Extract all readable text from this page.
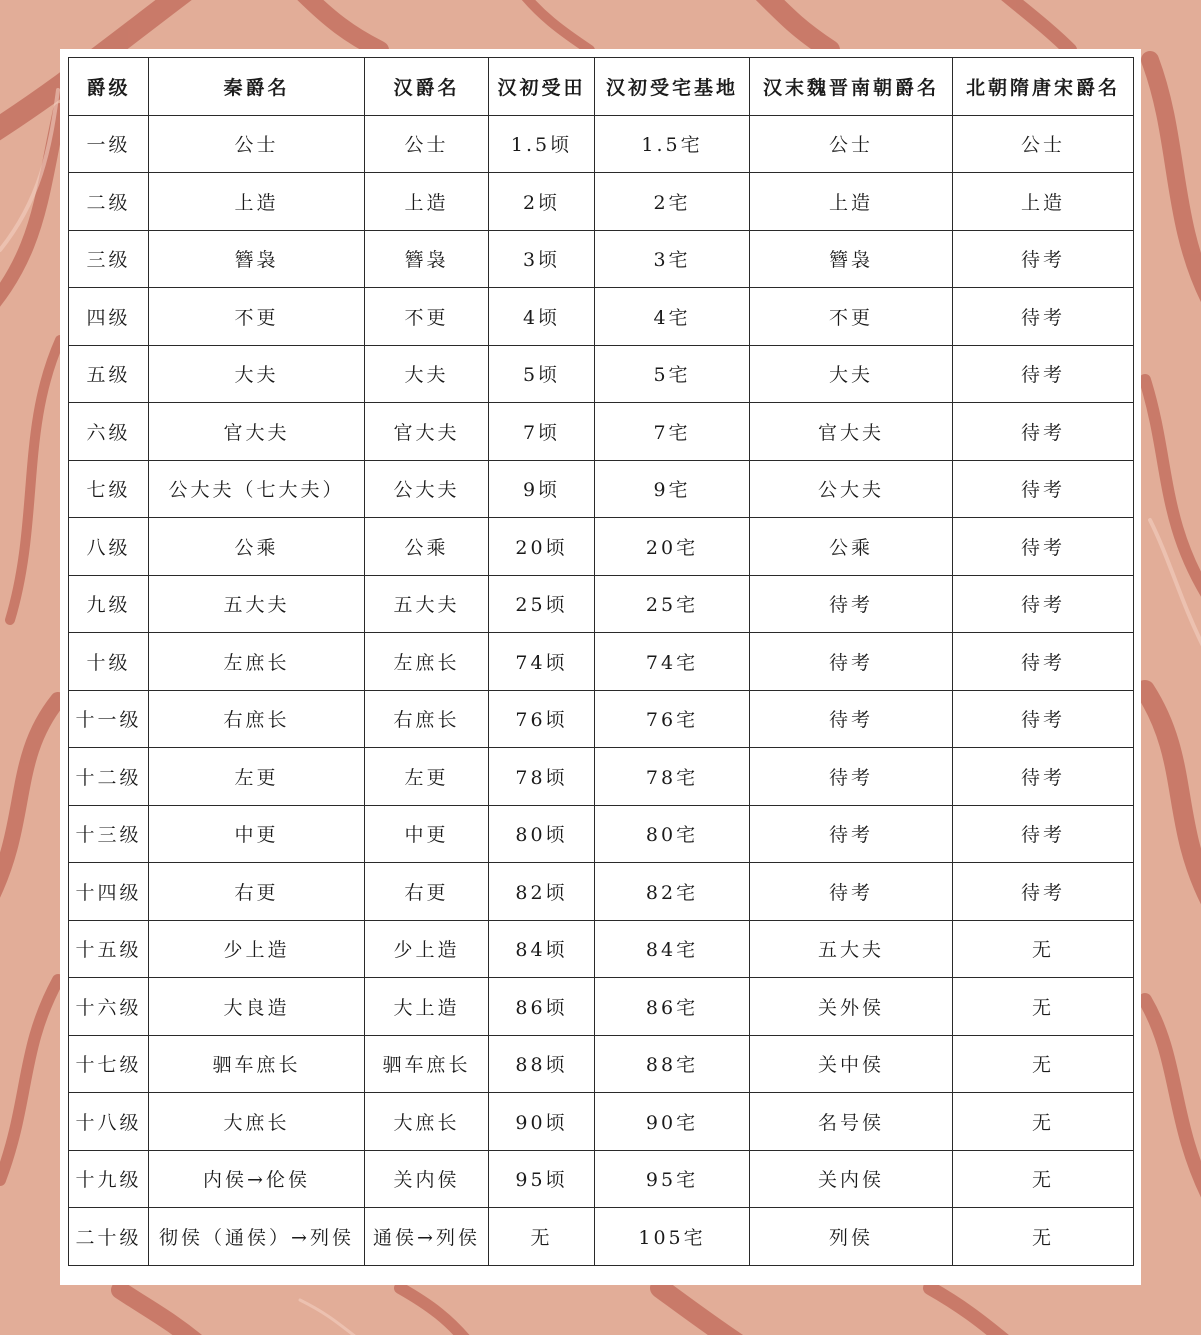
爵级	秦爵名	汉爵名	汉初受田	汉初受宅基地	汉末魏晋南朝爵名	北朝隋唐宋爵名
一级	公士	公士	1.5顷	1.5宅	公士	公士
二级	上造	上造	2顷	2宅	上造	上造
三级	簪袅	簪袅	3顷	3宅	簪袅	待考
四级	不更	不更	4顷	4宅	不更	待考
五级	大夫	大夫	5顷	5宅	大夫	待考
六级	官大夫	官大夫	7顷	7宅	官大夫	待考
七级	公大夫（七大夫）	公大夫	9顷	9宅	公大夫	待考
八级	公乘	公乘	20顷	20宅	公乘	待考
九级	五大夫	五大夫	25顷	25宅	待考	待考
十级	左庶长	左庶长	74顷	74宅	待考	待考
十一级	右庶长	右庶长	76顷	76宅	待考	待考
十二级	左更	左更	78顷	78宅	待考	待考
十三级	中更	中更	80顷	80宅	待考	待考
十四级	右更	右更	82顷	82宅	待考	待考
十五级	少上造	少上造	84顷	84宅	五大夫	无
十六级	大良造	大上造	86顷	86宅	关外侯	无
十七级	驷车庶长	驷车庶长	88顷	88宅	关中侯	无
十八级	大庶长	大庶长	90顷	90宅	名号侯	无
十九级	内侯→伦侯	关内侯	95顷	95宅	关内侯	无
二十级	彻侯（通侯）→列侯	通侯→列侯	无	105宅	列侯	无
